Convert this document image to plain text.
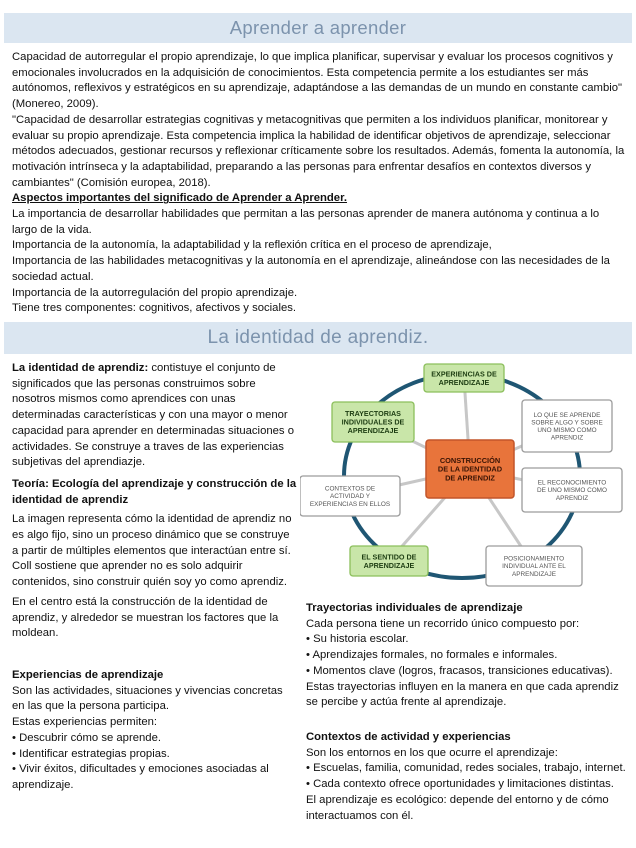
Aprender a aprender

Capacidad de autorregular el propio aprendizaje, lo que implica planificar, supervisar y evaluar los procesos cognitivos y emocionales involucrados en la adquisición de conocimientos. Esta competencia permite a los estudiantes ser más autónomos, reflexivos y estratégicos en su aprendizaje, adaptándose a las demandas de un mundo en constante cambio" (Monereo, 2009).

"Capacidad de desarrollar estrategias cognitivas y metacognitivas que permiten a los individuos planificar, monitorear y evaluar su propio aprendizaje. Esta competencia implica la habilidad de identificar objetivos de aprendizaje, seleccionar métodos adecuados, gestionar recursos y reflexionar críticamente sobre los resultados. Además, fomenta la autonomía, la motivación intrínseca y la adaptabilidad, preparando a las personas para enfrentar desafíos en contextos diversos y cambiantes" (Comisión europea, 2018).

Aspectos importantes del significado de Aprender a Aprender.

La importancia de desarrollar habilidades que permitan a las personas aprender de manera autónoma y continua a lo largo de la vida.

Importancia de la autonomía, la adaptabilidad y la reflexión crítica en el proceso de aprendizaje,

Importancia de las habilidades metacognitivas y la autonomía en el aprendizaje, alineándose con las necesidades de la sociedad actual.

Importancia de la autorregulación del propio aprendizaje.

Tiene tres componentes: cognitivos, afectivos y sociales.

La identidad de aprendiz.

La identidad de aprendiz: contistuye el conjunto de significados que las personas construimos sobre nosotros mismos como aprendices con unas determinadas características y con una mayor o menor capacidad para aprender en determinadas situaciones o actividades. Se construye a traves de las experiencias subjetivas del aprendiazje.

Teoría: Ecología del aprendizaje y construcción de la identidad de aprendiz

La imagen representa cómo la identidad de aprendiz no es algo fijo, sino un proceso dinámico que se construye a partir de múltiples elementos que interactúan entre sí. Coll sostiene que aprender no es solo adquirir contenidos, sino construir quién soy yo como aprendiz.

En el centro está la construcción de la identidad de aprendiz, y alrededor se muestran los factores que la moldean.

Experiencias de aprendizaje

Son las actividades, situaciones y vivencias concretas en las que la persona participa.

Estas experiencias permiten:

• Descubrir cómo se aprende.

• Identificar estrategias propias.

• Vivir éxitos, dificultades y emociones asociadas al aprendizaje.

EXPERIENCIAS DE
APRENDIZAJE
TRAYECTORIAS
INDIVIDUALES DE
APRENDIZAJE
LO QUE SE APRENDE
SOBRE ALGO Y SOBRE
UNO MISMO COMO
APRENDIZ
CONTEXTOS DE
ACTIVIDAD Y
EXPERIENCIAS EN ELLOS
EL RECONOCIMIENTO
DE UNO MISMO COMO
APRENDIZ
EL SENTIDO DE
APRENDIZAJE
POSICIONAMIENTO
INDIVIDUAL ANTE EL
APRENDIZAJE
CONSTRUCCIÓN
DE LA IDENTIDAD
DE APRENDIZ

Trayectorias individuales de aprendizaje

Cada persona tiene un recorrido único compuesto por:

• Su historia escolar.

• Aprendizajes formales, no formales e informales.

• Momentos clave (logros, fracasos, transiciones educativas).

Estas trayectorias influyen en la manera en que cada aprendiz se percibe y actúa frente al aprendizaje.

Contextos de actividad y experiencias

Son los entornos en los que ocurre el aprendizaje:

• Escuelas, familia, comunidad, redes sociales, trabajo, internet.

• Cada contexto ofrece oportunidades y limitaciones distintas.

El aprendizaje es ecológico: depende del entorno y de cómo interactuamos con él.
